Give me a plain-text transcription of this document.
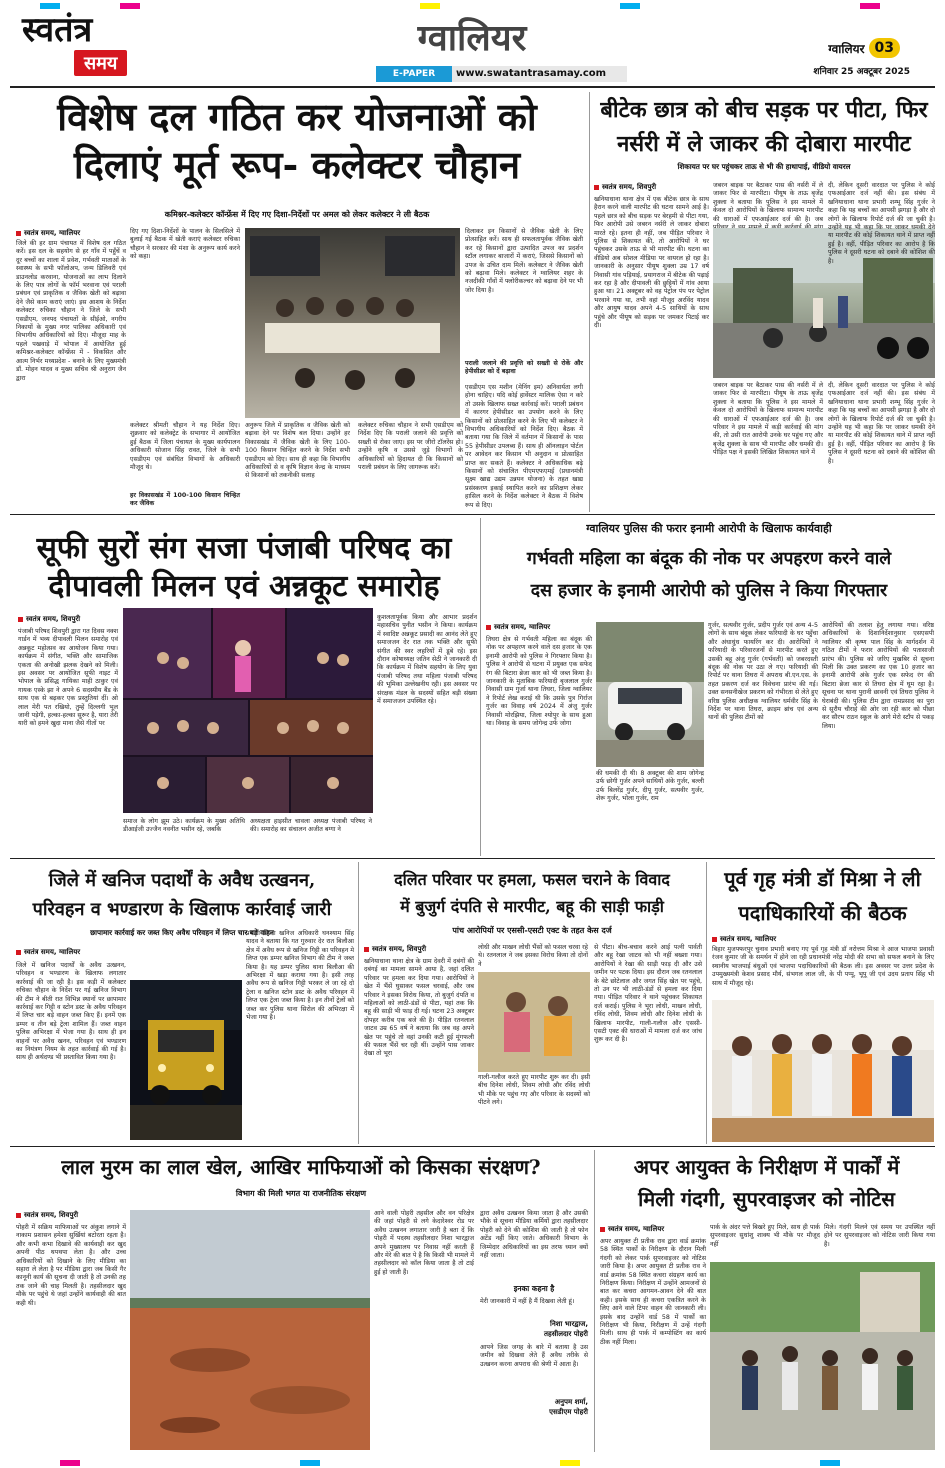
स्वतंत्र
समय
ग्वालियर
E-PAPER	www.swatantrasamay.com
ग्वालियर 03
शनिवार 25 अक्टूबर 2025
विशेष दल गठित कर योजनाओं को
दिलाएं मूर्त रूप- कलेक्टर चौहान
कमिश्नर-कलेक्टर कॉन्फ्रेंस में दिए गए दिशा-निर्देशों पर अमल को लेकर कलेक्टर ने ली बैठक
स्वतंत्र समय, ग्वालियर
जिले की हर ग्राम पंचायत में विशेष दल गठित करें। इस दल के सहयोग से हर गाँव में पहुँचें व दूर बच्चों का शाला में प्रवेश, गर्भवती माताओं के स्वास्थ्य के सभी फॉलोअप, जन्म डिलिवरी एवं डाउनलोड करवाना, योजनाओं का लाभ दिलाने के लिए पात्र लोगों के फॉर्म भरवाना एवं पराली प्रबंधन एवं प्राकृतिक व जैविक खेती को बढ़ावा देने जैसे काम कराएं जाएं। इस आशय के निर्देश कलेक्टर रुचिका चौहान ने जिले के सभी एसडीएम, जनपद पंचायतों के सीईओ, नगरीय निकायों के मुख्य नगर पालिका अधिकारी एवं विभागीय अधिकारियों को दिए। मौजूदा माह के पहले पखवाड़े में भोपाल में आयोजित हुई कमिश्नर-कलेक्टर कॉन्फ्रेंस में - विकसित और आत्म निर्भर मध्यप्रदेश - बनाने के लिए मुख्यमंत्री डॉ. मोहन यादव व मुख्य सचिव श्री अनुराग जैन द्वारा
दिए गए दिशा-निर्देशों के पालन के सिलसिले में बुलाई गई बैठक में खेती कराएं कलेक्टर रुचिका चौहान ने सरकार की मंशा के अनुरूप कार्य करने को कहा।
कलेक्टर श्रीमती चौहान ने यह निर्देश दिए। शुक्रवार को कलेक्ट्रेट के सभागार में आयोजित हुई बैठक में जिला पंचायत के मुख्य कार्यपालन अधिकारी सोजान सिंह रावत, जिले के सभी एसडीएम एवं संबंधित विभागों के अधिकारी मौजूद थे।
हर विकासखंड में 100-100 किसान चिन्हित कर जैविक
अनुरूप जिले में प्राकृतिक व जैविक खेती को बढ़ावा देने पर विशेष बल दिया। उन्होंने हर विकासखंड में जैविक खेती के लिए 100-100 किसान चिन्हित करने के निर्देश सभी एसडीएम को दिए। साथ ही कहा कि विभागीय अधिकारियों से व कृषि विज्ञान केन्द्र के माध्यम से किसानों को तकनीकी सलाह
कलेक्टर रुचिका चौहान ने सभी एसडीएम को निर्देश दिए कि पराली जलाने की प्रवृत्ति को सख्ती से रोका जाए। इस पर जीरो टॉलरेंस हो। उन्होंने कृषि व उससे जुड़े विभागों के अधिकारियों को हिदायत दी कि किसानों को पराली प्रबंधन के लिए जागरूक करें।
दिलाकर इन किसानों से जैविक खेती के लिए प्रोत्साहित करें। साथ ही सफलतापूर्वक जैविक खेती कर रहे किसानों द्वारा उत्पादित उपज का प्रदर्शन स्टॉल लगाकर बाजारों में कराएं, जिससे किसानों को उपज के उचित दाम मिलें। कलेक्टर ने जैविक खेती को बढ़ावा मिले। कलेक्टर ने ग्वालियर शहर के नजदीकी गाँवों में फ्लोरीकल्चर को बढ़ावा देने पर भी जोर दिया है।
पराली जलाने की प्रवृत्ति को सख्ती से रोकें और हेपीसीडर को दें बढ़ावा
एसडीएम एस मशीन (मेनिंग इम) अनिवार्यता लगी होना चाहिए। यदि कोई हार्वेस्टर मालिक ऐसा न करे तो उसके खिलाफ सख्त कार्रवाई करें। पराली प्रबंधन में कारगर हेपीसीडर का उपयोग करने के लिए किसानों को प्रोत्साहित करने के लिए भी कलेक्टर ने विभागीय अधिकारियों को निर्देश दिए। बैठक में बताया गया कि जिले में वर्तमान में किसानों के पास 55 हेपीसीडर उपलब्ध हैं। साथ ही ऑनलाइन पोर्टल पर आवेदन कर किसान भी अनुदान व प्रोत्साहित प्राप्त कर सकते हैं। कलेक्टर ने अधिकाधिक बढ़े किसानों को संचालित पीएमएफएमई (प्रधानमंत्री सूक्ष्म खाद्य उद्यम उन्नयन योजना) के तहत खाद्य प्रसंस्करण इकाई स्थापित करने का प्रशिक्षण लेकर हासिल करने के निर्देश कलेक्टर ने बैठक में विशेष रूप से दिए।
बीटेक छात्र को बीच सड़क पर पीटा, फिर
नर्सरी में ले जाकर की दोबारा मारपीट
शिकायत पर घर पहुंचकर ताऊ से भी की हाथापाई, वीडियो वायरल
स्वतंत्र समय, शिवपुरी
खनियाधाना थाना क्षेत्र में एक बीटेक छात्र के साथ हैरान करने वाली मारपीट की घटना सामने आई है। पहले छात्र को बीच सड़क पर बेरहमी से पीटा गया, फिर आरोपी उसे जबरन नर्सरी ले जाकर दोबारा मारते रहे। इतना ही नहीं, जब पीड़ित परिवार ने पुलिस से शिकायत की, तो आरोपियों ने घर पहुंचकर उसके ताऊ से भी मारपीट की। घटना का वीडियो अब सोशल मीडिया पर वायरल हो रहा है। जानकारी के अनुसार पीयूष शुक्ला उम्र 17 वर्ष निवासी गांव पड़ियाई, प्रयागराज में बीटेक की पढ़ाई कर रहा है और दीपावली की छुट्टियों में गांव आया हुआ था। 21 अक्टूबर को वह पेट्रोल पंप पर पेट्रोल भरवाने गया था, तभी वहां मौजूद अरविंद यादव और आयुष यादव अपने 4-5 साथियों के साथ पहुंचे और पीयूष को सड़क पर जमकर पिटाई कर दी।
जबरन बाइक पर बैठाकर पास की नर्सरी में ले जाकर फिर से मारपीटा। पीयूष के ताऊ बृजेंद्र शुक्ला ने बताया कि पुलिस ने इस मामले में केवल दो आरोपियों के खिलाफ सामान्य मारपीट की धाराओं में एफआईआर दर्ज की है। जब
जबरन बाइक पर बैठाकर पास की नर्सरी में ले जाकर फिर से मारपीटा। पीयूष के ताऊ बृजेंद्र शुक्ला ने बताया कि पुलिस ने इस मामले में केवल दो आरोपियों के खिलाफ सामान्य मारपीट की धाराओं में एफआईआर दर्ज की है। जब परिवार ने इस मामले में कड़ी कार्रवाई की मांग की, तो उसी रात आरोपी उनके घर पहुंच गए और बृजेंद्र शुक्ला के साथ भी मारपीट और धमकी दी। पीड़ित पक्ष ने इसकी लिखित शिकायत थाने में
दी, लेकिन दूसरी वारदात पर पुलिस ने कोई एफआईआर दर्ज नहीं की। इस संबंध में खनियाधाना थाना प्रभारी शम्भू सिंह गुर्जर ने कहा कि यह बच्चों का आपसी झगड़ा है और दो लोगों के खिलाफ रिपोर्ट दर्ज की जा चुकी है। उन्होंने यह भी कहा कि पर जाकर धमकी देने या मारपीट की कोई शिकायत थाने में प्राप्त नहीं हुई है। वहीं, पीड़ित परिवार का आरोप है कि पुलिस ने दूसरी घटना को दबाने की कोशिश की है।
दी, लेकिन दूसरी वारदात पर पुलिस ने कोई एफआईआर दर्ज नहीं की। इस संबंध में खनियाधाना थाना प्रभारी शम्भू सिंह गुर्जर ने कहा कि यह बच्चों का आपसी झगड़ा है और दो लोगों के खिलाफ रिपोर्ट दर्ज की जा चुकी है। उन्होंने यह भी कहा कि पर जाकर धमकी देने या मारपीट की कोई शिकायत थाने में प्राप्त नहीं हुई है। वहीं, पीड़ित परिवार का आरोप है कि पुलिस ने दूसरी घटना को दबाने की कोशिश की है।
सूफी सुरों संग सजा पंजाबी परिषद का
दीपावली मिलन एवं अन्नकूट समारोह
स्वतंत्र समय, शिवपुरी
पंजाबी परिषद शिवपुरी द्वारा गत दिवस नक्श गार्डन में भव्य दीपावली मिलन समारोह एवं अन्नकूट महोत्सव का आयोजन किया गया। कार्यक्रम में संगीत, भक्ति और सामाजिक एकता की अनोखी झलक देखने को मिली। इस अवसर पर आयोजित सूफी नाइट में भोपाल के प्रसिद्ध गायिका माही ठाकुर एवं गायक एस्के झा ने अपने 6 सदस्यीय बैंड के साथ एक से बढ़कर एक प्रस्तुतियां दीं। ओ लाल मेरी पत रखियो, तुम्हें दिल्लगी भूल जानी पड़ेगी, हल्का-हल्का सुरूर है, यारा तेरी यारी को हमने खुदा माना जैसे गीतों पर
समाज के लोग झूम उठे। कार्यक्रम के मुख्य अतिथि डीआईजी उज्जैन नवनीत भसीन रहे, जबकि
अध्यक्षता हाइसीत चावला अध्यक्ष पंजाबी परिषद ने की। समारोह का संचालन अजीत बग्गा ने
कुशलतापूर्वक किया और आभार प्रदर्शन महासचिव पुनीत भसीन ने किया। कार्यक्रम में स्वादिष्ट अन्नकूट प्रसादी का आनंद लेते हुए समाजजन देर रात तक भक्ति और सूफी संगीत की स्वर लहरियों में डूबे रहे। इस दौरान कोषाध्यक्ष जतिन सेठी ने जानकारी दी कि कार्यक्रम में विशेष सहयोग के लिए युवा पंजाबी परिषद तथा महिला पंजाबी परिषद की भूमिका उल्लेखनीय रही। इस अवसर पर संरक्षक मंडल के सदस्यों सहित बड़ी संख्या में समाजजन उपस्थित रहे।
ग्वालियर पुलिस की फरार इनामी आरोपी के खिलाफ कार्यवाही
गर्भवती महिला का बंदूक की नोक पर अपहरण करने वाले
दस हजार के इनामी आरोपी को पुलिस ने किया गिरफ्तार
स्वतंत्र समय, ग्वालियर
तिघरा क्षेत्र से गर्भवती महिला का बंदूक की नोक पर अपहरण करने वाले दस हजार के एक इनामी आरोपी को पुलिस ने गिरफ्तार किया है। पुलिस ने आरोपी से घटना में प्रयुक्त एक सफेद रंग की बिटारा ब्रेजा कार को भी जब्त किया है। जानकारी के मुताबिक फरियादी बृजलाल गुर्जर निवासी ग्राम गुर्जा थाना तिघरा, जिला ग्वालियर ने रिपोर्ट लेख कराई थी कि उसके पुत्र गिर्राज गुर्जर का विवाह वर्ष 2024 में अंजु गुर्जर निवासी मोरझिया, जिला श्योपुर के साथ हुआ था। विवाह के समय जोगेन्द्र उर्फ जोगा
की धमकी दी थी। 8 अक्टूबर की शाम जोगेन्द्र उर्फ छोगी गुर्जर अपने साथियों अंके गुर्जर, बल्ली उर्फ बिलरेंद्र गुर्जर, दीपू गुर्जर, सत्यवीर गुर्जर, शेरू गुर्जर, भोला गुर्जर, राम
गुर्जर, सत्यवीर गुर्जर, प्रदीप गुर्जर एवं अन्य 4-5 लोगों के साथ बंदूक लेकर फरियादी के घर पहुँचा और अंधाधुंध फायरिंग कर दी। आरोपियों ने फरियादी के परिवारजनों से मारपीट करते हुए उसकी बहू अंजु गुर्जर (गर्भवती) को जबरदस्ती बंदूक की नोक पर उठा ले गए। फरियादी की रिपोर्ट पर थाना तिघरा में अपराध बी.एन.एस. के तहत प्रकरण दर्ज कर विवेचना प्रारंभ की गई। उक्त सनसनीखेज प्रकरण को गंभीरता से लेते हुए वरिष्ठ पुलिस अधीक्षक ग्वालियर धर्मवीर सिंह के निर्देश पर थाना तिघरा, क्राइम ब्रांच एवं अन्य थानों की पुलिस टीमों को
आरोपियों की तलाश हेतु लगाया गया। वरिष्ठ अधिकारियों के दिशानिर्देशानुसार एसएसपी ग्वालियर श्री कृष्ण पाल सिंह के मार्गदर्शन में गठित टीमों ने फरार आरोपियों की पतासाजी प्रारंभ की। पुलिस को जरिए मुखबिर से सूचना मिली कि उक्त प्रकरण का एक 10 हजार का इनामी आरोपी अंके गुर्जर एक सफेद रंग की बिटारा ब्रेजा कार से तिघरा क्षेत्र में घूम रहा है। सूचना पर थाना पुरानी छावनी एवं तिघरा पुलिस ने घेराबंदी की। पुलिस टीम द्वारा रामप्रसाद का पुरा से सूरौय चौराहे की ओर जा रही कार को पीछा कर सौरभ राठन स्कूल के आगे मेरो स्टॉप से पकड़ लिया।
जिले में खनिज पदार्थों के अवैध उत्खनन,
परिवहन व भण्डारण के खिलाफ कार्रवाई जारी
छापामार कार्रवाई कर जब्त किए अवैध परिवहन में लिप्त चार बड़े वाहन
स्वतंत्र समय, ग्वालियर
जिले में खनिज पदार्थों के अवैध उत्खनन, परिवहन व भण्डारण के खिलाफ लगातार कार्रवाई की जा रही है। इस कड़ी में कलेक्टर रुचिका चौहान के निर्देश पर गई खनिज विभाग की टीम ने बीती रात विभिन्न स्थानों पर छापामार कार्रवाई कर गिट्टी व स्टोन डस्ट के अवैध परिवहन में लिप्त चार बड़े वाहन जब्त किए हैं। इनमें एक डम्पर व तीन बड़े ट्रेला शामिल हैं। जब्त वाहन पुलिस अभिरक्षा में भेजा गया है। साथ ही इन वाहनों पर अवैध खनन, परिवहन एवं भण्डारण का नियंत्रण नियम के तहत कार्रवाई की गई है। साथ ही अर्थदण्ड भी प्रस्तावित किया गया है।
प्रभारी जिला खनिज अधिकारी घनश्याम सिंह यादव ने बताया कि गत गुरुवार देर रात बिलौआ क्षेत्र में अवैध रूप से खनिज गिट्टी का परिवहन मे लिप्त एक डम्पर खनिज विभाग की टीम ने जब्त किया है। यह डम्पर पुलिस थाना बिलौआ की अभिरक्षा में खड़ा कराया गया है। इसी तरह अवैध रूप से खनिज गिट्टी भरकर ले जा रहे दो ट्रेला व खनिज स्टोन डस्ट के अवैध परिवहन में लिप्त एक ट्रेला जब्त किया है। इन तीनों ट्रेलों को जब्त कर पुलिस थाना सिरोल की अभिरक्षा में भेजा गया है।
दलित परिवार पर हमला, फसल चराने के विवाद
में बुजुर्ग दंपति से मारपीट, बहू की साड़ी फाड़ी
पांच आरोपियों पर एससी-एसटी एक्ट के तहत केस दर्ज
स्वतंत्र समय, शिवपुरी
खनियाधाना थाना क्षेत्र के ग्राम देवरी में दबंगों की दबंगई का मामला सामने आया है, जहां दलित परिवार पर हमला कर दिया गया। आरोपियों ने खेत में भैंसें घुसाकर फसल चरवाई, और जब परिवार ने इसका विरोध किया, तो बुजुर्ग दंपति व महिलाओं को लाठी-डंडों से पीटा, यहां तक कि बहू की साड़ी भी फाड़ दी गई। घटना 23 अक्टूबर दोपहर करीब एक बजे की है। पीड़ित रतनलाल जाटव उम्र 65 वर्ष ने बताया कि जब वह अपने खेत पर पहुंचे तो वहां उनकी कटी हुई मूंगफली की फसल भैंसें चर रही थीं। उन्होंने पास जाकर देखा तो भूरा
लोधी और माखन लोधी भैंसों को फसल चरवा रहे थे। रतनलाल ने जब इसका विरोध किया तो दोनों ने
गाली-गलौज करते हुए मारपीट शुरू कर दी। इसी बीच दिनेश लोधी, शिवम लोधी और रविंद लोधी भी मौके पर पहुंच गए और परिवार के सदस्यों को पीटने लगे।
से पीटा। बीच-बचाव करने आई पत्नी पार्वती और बहू रेखा जाटव को भी नहीं बख्शा गया। आरोपियों ने रेखा की साड़ी फाड़ दी और उसे जमीन पर पटक दिया। इस दौरान जब रतनलाल के बेटे छोटेलाल और जगत सिंह खेत पर पहुंचे, तो उन पर भी लाठी-डंडों से हमला कर दिया गया। पीड़ित परिवार ने थाने पहुंचकर शिकायत दर्ज कराई। पुलिस ने भूरा लोधी, माखन लोधी, रविंद लोधी, शिवम लोधी और दिनेश लोधी के खिलाफ मारपीट, गाली-गलौज और एससी-एसटी एक्ट की धाराओं में मामला दर्ज कर जांच शुरू कर दी है।
पूर्व गृह मंत्री डॉ मिश्रा ने ली
पदाधिकारियों की बैठक
स्वतंत्र समय, ग्वालियर
बिहार मुजफ्फरपुर चुनाव प्रभारी बनाए गए पूर्व गृह मंत्री डॉ नरोत्तम मिश्रा ने आज भाजपा प्रवासी रंजन कुमार जी के समर्थन में होने जा रही प्रधानमंत्री नरेंद्र मोदी की सभा को सफल बनाने के लिए स्थानीय भाजपाई बंधुओं एवं भाजपा पदाधिकारियों की बैठक ली। इस अवसर पर उत्तर प्रदेश के उपमुख्यमंत्री केशव प्रसाद मौर्य, संभगल लाल जी, के पी पप्पू, भूपू जी एवं उदय प्रताप सिंह भी साथ में मौजूद रहे।
लाल मुरम का लाल खेल, आखिर माफियाओं को किसका संरक्षण?
विभाग की मिली भगत या राजनीतिक संरक्षण
स्वतंत्र समय, शिवपुरी
पोहरी में सक्रिय माफियाओं पर अंकुश लगाने में नाकाम प्रशासन हमेशा सुर्खियां बटोरता रहता है। और कभी कभा दिखावे की कार्यवाही कर खुद अपनी पीठ थपथपा लेता है। और उच्च अधिकारियों को दिखाने के लिए मीडिया का सहारा ले लेता है पर मीडिया द्वारा जब किसी गैर कानूनी कार्य की सूचना दी जाती है तो उनकी तह तक जाने की चाह मिलती है। तहसीलदार खुद मौके पर पहुंचे थे जहां उन्होंने कार्यवाही की बात कही थी।
आने वाली पोहरी तहसील और वन परिक्षेत्र की जहां पोहरी से लगे केदारेश्वर रोड पर अवैध उत्खनन लगातार जारी है बता दें कि पोहरी में पदस्थ तहसीलदार निशा भारद्वाज अपने मुख्यालय पर निवास नहीं करती हैं और मेरे की बात पे है कि किसी भी मामले में तहसीलदार को कॉल किया जाता है तो टाई हुई हो जाती हैं।
द्वारा अवैध उत्खनन किया जाता है और उसकी भौके से सूचना मीडिया कर्मियों द्वारा तहसीलदार पोहरी को देने की कोशिश की जाती है तो फोन अटेंड नहीं किए जाते। अधिकारी विभाग के जिम्मेदार अधिकारियों का इस तरफ ध्यान क्यों नहीं जाता।
इनका कहना है
मेरी जानकारी में नहीं है मैं दिखवा लेती हूं।
निशा भारद्वाज,
तहसीलदार पोहरी
आपने जिस जगह के बारे में बताया है उस जमीन को दिखवा लेते हैं अवैध तरीके से उत्खनन करना अपराध की श्रेणी में आता है।
अनुपम शर्मा,
एसडीएम पोहरी
अपर आयुक्त के निरीक्षण में पार्कों में
मिली गंदगी, सुपरवाइजर को नोटिस
स्वतंत्र समय, ग्वालियर
अपर आयुक्त टी प्रतीक राव द्वारा वार्ड क्रमांक 58 स्थित पार्कों के निरीक्षण के दौरान मिली गंदगी को लेकर पार्क सुपरवाइजर को नोटिस जारी किया है। अपर आयुक्त टी प्रतीक राव ने वार्ड क्रमांक 58 स्थित कचरा संग्रहण कार्य का निरीक्षण किया। निरीक्षण में उन्होंने आमजनों से बात कर कचरा आगमन-आवन देने की बात कही। इसके साथ ही कचरा एकत्रित करने के लिए आने वाले टिपर वाहन की जानकारी ली। इसके बाद उन्होंने वार्ड 58 में पार्कों का निरीक्षण भी किया, निरीक्षण में उन्हें गंदगी मिली। साथ ही पार्क में कम्पोस्टिंग का कार्य ठीक नहीं मिला।
पार्क के अंदर पत्ते बिखरे हुए मिले, साथ ही पार्क सुपरवाइजर सुधांशु शाक्य भी मौके पर मौजूद नहीं
मिले। गंदगी मिलने एवं समय पर उपस्थित नहीं होने पर सुपरवाइजर को नोटिस जारी किया गया है।
